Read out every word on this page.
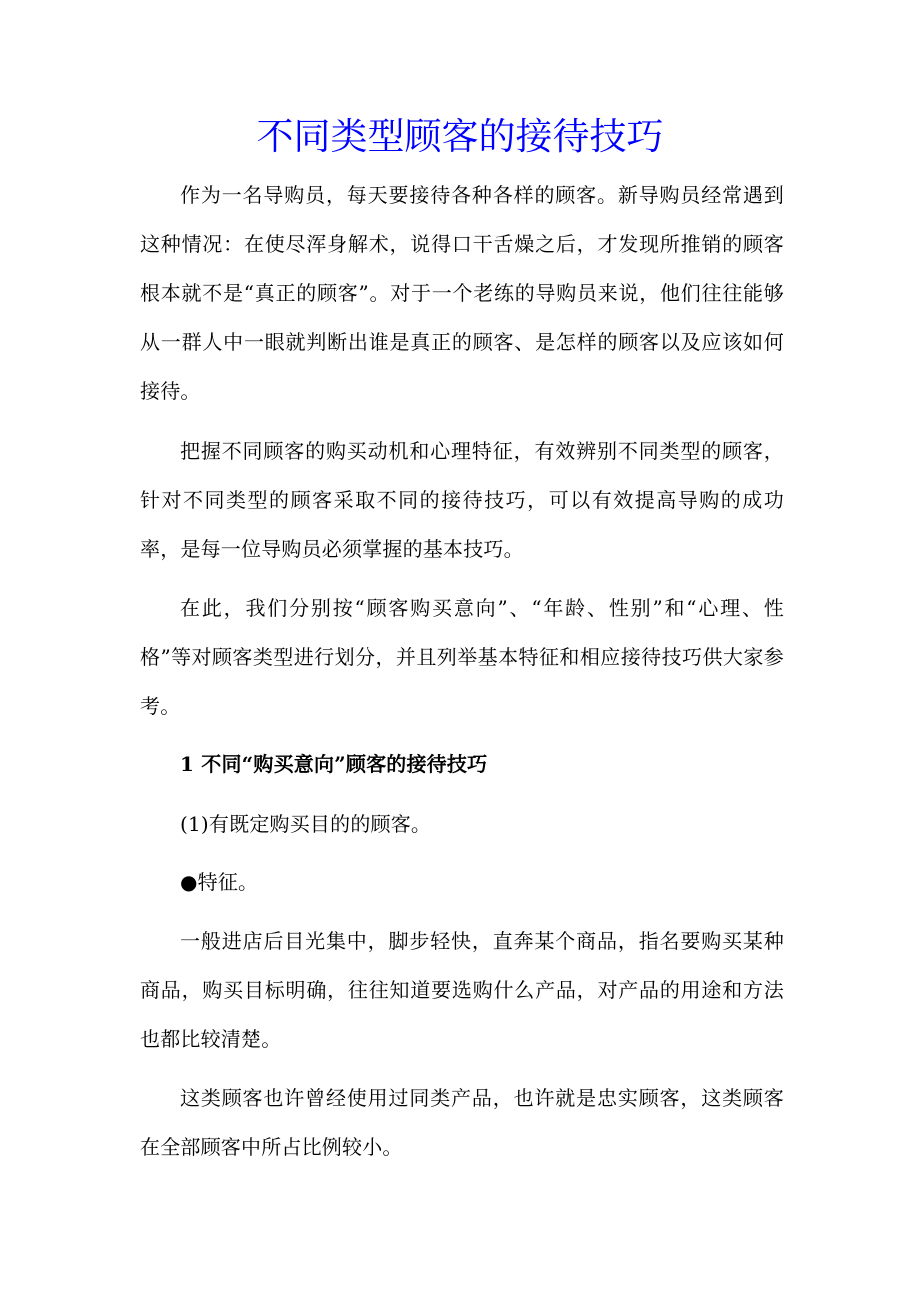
不同类型顾客的接待技巧

作为一名导购员，每天要接待各种各样的顾客。新导购员经常遇到这种情况：在使尽浑身解术，说得口干舌燥之后，才发现所推销的顾客根本就不是“真正的顾客”。对于一个老练的导购员来说，他们往往能够从一群人中一眼就判断出谁是真正的顾客、是怎样的顾客以及应该如何接待。

把握不同顾客的购买动机和心理特征，有效辨别不同类型的顾客，针对不同类型的顾客采取不同的接待技巧，可以有效提高导购的成功率，是每一位导购员必须掌握的基本技巧。

在此，我们分别按“顾客购买意向”、“年龄、性别”和“心理、性格”等对顾客类型进行划分，并且列举基本特征和相应接待技巧供大家参考。

1 不同“购买意向”顾客的接待技巧

(1)有既定购买目的的顾客。

●特征。

一般进店后目光集中，脚步轻快，直奔某个商品，指名要购买某种商品，购买目标明确，往往知道要选购什么产品，对产品的用途和方法也都比较清楚。

这类顾客也许曾经使用过同类产品，也许就是忠实顾客，这类顾客在全部顾客中所占比例较小。
